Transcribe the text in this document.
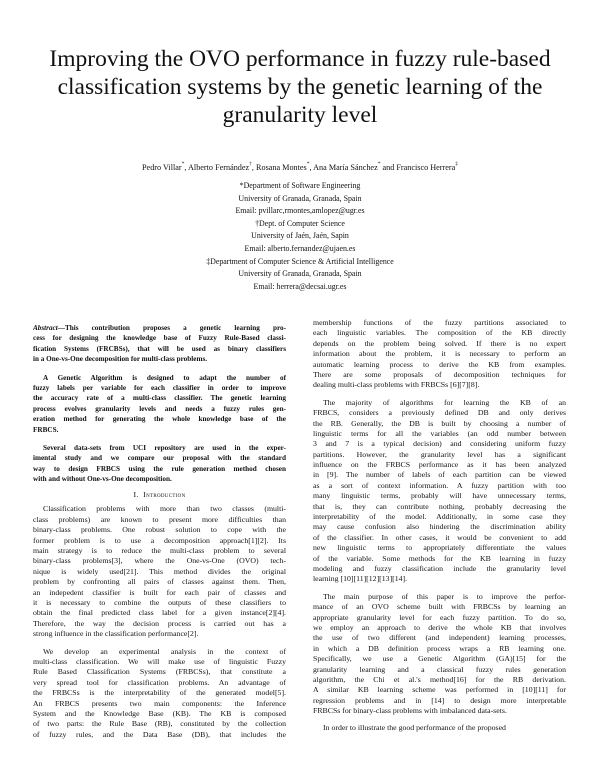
Improving the OVO performance in fuzzy rule-based
classification systems by the genetic learning of the
granularity level
Pedro Villar*, Alberto Fernández†, Rosana Montes*, Ana María Sánchez* and Francisco Herrera‡
*Department of Software Engineering
University of Granada, Granada, Spain
Email: pvillarc,rmontes,amlopez@ugr.es
†Dept. of Computer Science
University of Jaén, Jaén, Sapin
Email: alberto.fernandez@ujaen.es
‡Department of Computer Science & Artificial Intelligence
University of Granada, Granada, Spain
Email: herrera@decsai.ugr.es
Abstract—This contribution proposes a genetic learning pro-
cess for designing the knowledge base of Fuzzy Rule-Based classi-
fication Systems (FRCBSs), that will be used as binary classifiers
in a One-vs-One decomposition for multi-class problems.
A Genetic Algorithm is designed to adapt the number of
fuzzy labels per variable for each classifier in order to improve
the accuracy rate of a multi-class classifier. The genetic learning
process evolves granularity levels and needs a fuzzy rules gen-
eration method for generating the whole knowledge base of the
FRBCS.
Several data-sets from UCI repository are used in the exper-
imental study and we compare our proposal with the standard
way to design FRBCS using the rule generation method chosen
with and without One-vs-One decomposition.
I. Introduction
Classification problems with more than two classes (multi-
class problems) are known to present more difficulties than
binary-class problems. One robust solution to cope with the
former problem is to use a decomposition approach[1][2]. Its
main strategy is to reduce the multi-class problem to several
binary-class problems[3], where the One-vs-One (OVO) tech-
nique is widely used[21]. This method divides the original
problem by confronting all pairs of classes against them. Then,
an indepedent classifier is built for each pair of classes and
it is necessary to combine the outputs of these classifiers to
obtain the final predicted class label for a given instance[2][4].
Therefore, the way the decision process is carried out has a
strong influence in the classification performance[2].
We develop an experimental analysis in the context of
multi-class classification. We will make use of linguistic Fuzzy
Rule Based Classification Systems (FRBCSs), that constitute a
very spread tool for classification problems. An advantage of
the FRBCSs is the interpretability of the generated model[5].
An FRBCS presents two main components: the Inference
System and the Knowledge Base (KB). The KB is composed
of two parts: the Rule Base (RB), constituted by the collection
of fuzzy rules, and the Data Base (DB), that includes the
membership functions of the fuzzy partitions associated to
each linguistic variables. The composition of the KB directly
depends on the problem being solved. If there is no expert
information about the problem, it is necessary to perform an
automatic learning process to derive the KB from examples.
There are some proposals of decomposition techniques for
dealing multi-class problems with FRBCSs [6][7][8].
The majority of algorithms for learning the KB of an
FRBCS, considers a previously defined DB and only derives
the RB. Generally, the DB is built by choosing a number of
linguistic terms for all the variables (an odd number between
3 and 7 is a typical decision) and considering uniform fuzzy
partitions. However, the granularity level has a significant
influence on the FRBCS performance as it has been analyzed
in [9]. The number of labels of each partition can be viewed
as a sort of context information. A fuzzy partition with too
many linguistic terms, probably will have unnecessary terms,
that is, they can contribute nothing, probably decreasing the
interpretability of the model. Additionally, in some case they
may cause confusion also hindering the discrimination ability
of the classifier. In other cases, it would be convenient to add
new linguistic terms to appropriately differentiate the values
of the variable. Some methods for the KB learning in fuzzy
modeling and fuzzy classification include the granularity level
learning [10][11][12][13][14].
The main purpose of this paper is to improve the perfor-
mance of an OVO scheme built with FRBCSs by learning an
appropriate granularity level for each fuzzy partition. To do so,
we employ an approach to derive the whole KB that involves
the use of two different (and independent) learning processes,
in which a DB definition process wraps a RB learning one.
Specifically, we use a Genetic Algorithm (GA)[15] for the
granularity learning and a classical fuzzy rules generation
algorithm, the Chi et al.'s method[16] for the RB derivation.
A similar KB learning scheme was performed in [10][11] for
regression problems and in [14] to design more interpretable
FRBCSs for binary-class problems with imbalanced data-sets.
In order to illustrate the good performance of the proposed
